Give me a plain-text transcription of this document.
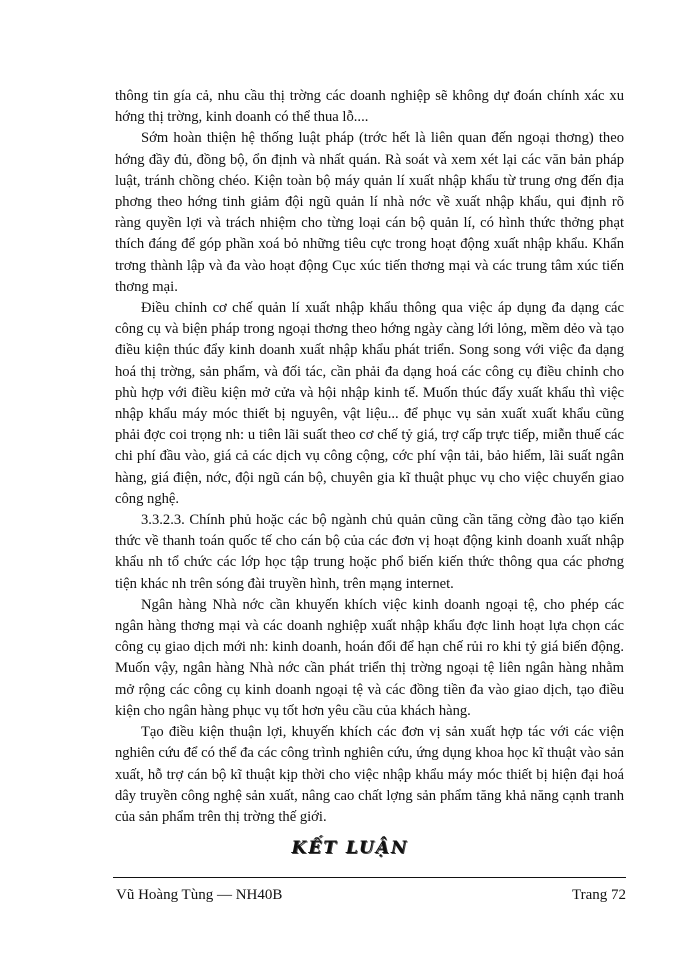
thông tin gía cả, nhu cầu thị trờng các doanh nghiệp sẽ không dự đoán chính xác xu hớng thị trờng, kinh doanh có thể thua lỗ....

Sớm hoàn thiện hệ thống luật pháp (trớc hết là liên quan đến ngoại thơng) theo hớng đầy đủ, đồng bộ, ổn định và nhất quán. Rà soát và xem xét lại các văn bản pháp luật, tránh chồng chéo. Kiện toàn bộ máy quản lí xuất nhập khẩu từ trung ơng đến địa phơng theo hớng tinh giảm đội ngũ quản lí nhà nớc về xuất nhập khẩu, qui định rõ ràng quyền lợi và trách nhiệm cho từng loại cán bộ quản lí, có hình thức thởng phạt thích đáng để góp phần xoá bỏ những tiêu cực trong hoạt động xuất nhập khẩu. Khẩn trơng thành lập và đa vào hoạt động Cục xúc tiến thơng mại và các trung tâm xúc tiến thơng mại.

Điều chỉnh cơ chế quản lí xuất nhập khẩu thông qua việc áp dụng đa dạng các công cụ và biện pháp trong ngoại thơng theo hớng ngày càng lới lỏng, mềm dẻo và tạo điều kiện thúc đẩy kinh doanh xuất nhập khẩu phát triển. Song song với việc đa dạng hoá thị trờng, sản phẩm, và đối tác, cần phải đa dạng hoá các công cụ điều chỉnh cho phù hợp với điều kiện mở cửa và hội nhập kinh tế. Muốn thúc đẩy xuất khẩu thì việc nhập khẩu máy móc thiết bị nguyên, vật liệu... để phục vụ sản xuất xuất khẩu cũng phải đợc coi trọng nh: u tiên lãi suất theo cơ chế tỷ giá, trợ cấp trực tiếp, miễn thuế các chi phí đầu vào, giá cả các dịch vụ công cộng, cớc phí vận tải, bảo hiểm, lãi suất ngân hàng, giá điện, nớc, đội ngũ cán bộ, chuyên gia kĩ thuật phục vụ cho việc chuyển giao công nghệ.

3.3.2.3. Chính phủ hoặc các bộ ngành chủ quản cũng cần tăng cờng đào tạo kiến thức về thanh toán quốc tế cho cán bộ của các đơn vị hoạt động kinh doanh xuất nhập khẩu nh tổ chức các lớp học tập trung hoặc phổ biến kiến thức thông qua các phơng tiện khác nh trên sóng đài truyền hình, trên mạng internet.

Ngân hàng Nhà nớc cần khuyến khích việc kinh doanh ngoại tệ, cho phép các ngân hàng thơng mại và các doanh nghiệp xuất nhập khẩu đợc linh hoạt lựa chọn các công cụ giao dịch mới nh: kinh doanh, hoán đổi để hạn chế rủi ro khi tỷ giá biến động. Muốn vậy, ngân hàng Nhà nớc cần phát triển thị trờng ngoại tệ liên ngân hàng nhằm mở rộng các công cụ kinh doanh ngoại tệ và các đồng tiền đa vào giao dịch, tạo điều kiện cho ngân hàng phục vụ tốt hơn yêu cầu của khách hàng.

Tạo điều kiện thuận lợi, khuyến khích các đơn vị sản xuất hợp tác với các viện nghiên cứu để có thể đa các công trình nghiên cứu, ứng dụng khoa học kĩ thuật vào sản xuất, hỗ trợ cán bộ kĩ thuật kịp thời cho việc nhập khẩu máy móc thiết bị hiện đại hoá dây truyền công nghệ sản xuất, nâng cao chất lợng sản phẩm tăng khả năng cạnh tranh của sản phẩm trên thị trờng thế giới.

KẾT LUẬN
Vũ Hoàng Tùng — NH40B	Trang 72
